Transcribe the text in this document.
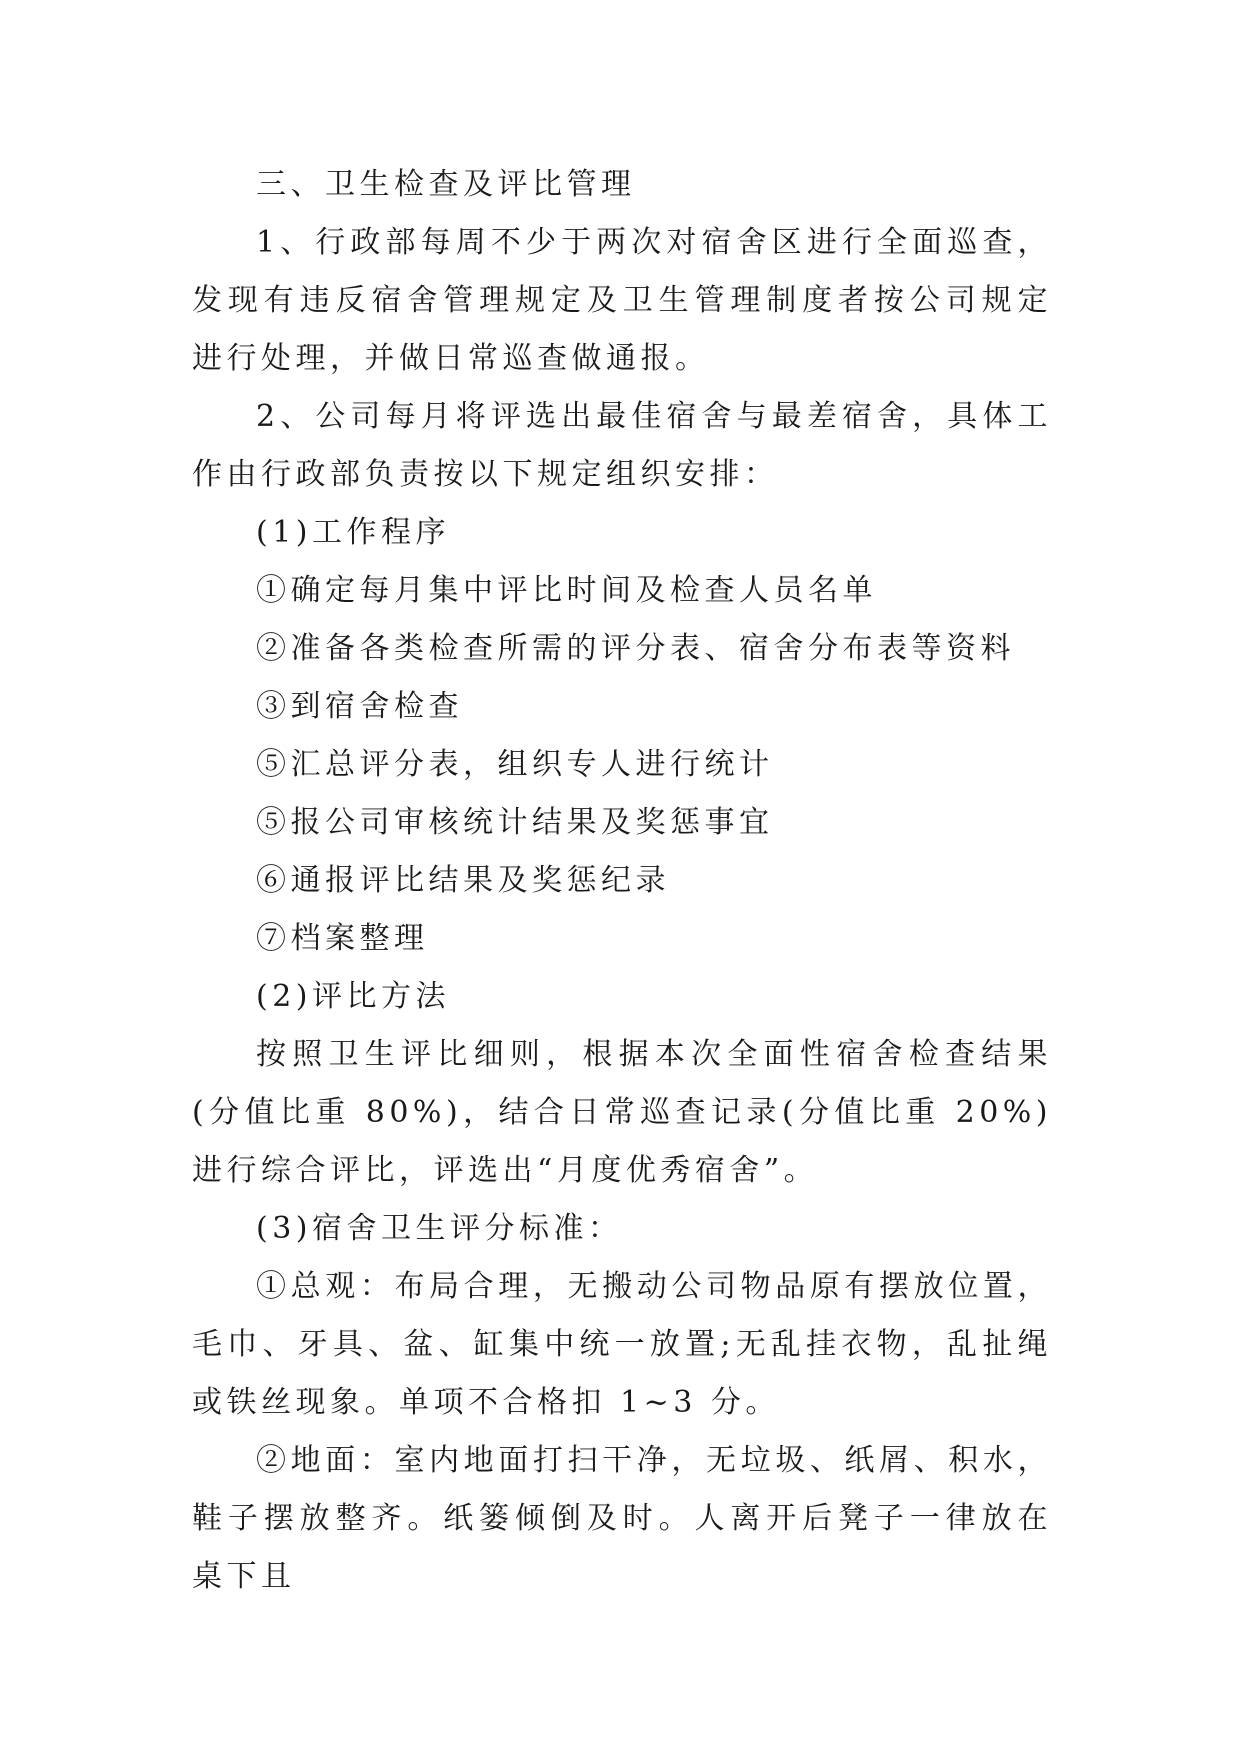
三、卫生检查及评比管理

1、行政部每周不少于两次对宿舍区进行全面巡查，发现有违反宿舍管理规定及卫生管理制度者按公司规定进行处理，并做日常巡查做通报。

2、公司每月将评选出最佳宿舍与最差宿舍，具体工作由行政部负责按以下规定组织安排：

(1)工作程序

①确定每月集中评比时间及检查人员名单

②准备各类检查所需的评分表、宿舍分布表等资料

③到宿舍检查

⑤汇总评分表，组织专人进行统计

⑤报公司审核统计结果及奖惩事宜

⑥通报评比结果及奖惩纪录

⑦档案整理

(2)评比方法

按照卫生评比细则，根据本次全面性宿舍检查结果(分值比重 80%)，结合日常巡查记录(分值比重 20%)进行综合评比，评选出“月度优秀宿舍”。

(3)宿舍卫生评分标准：

①总观：布局合理，无搬动公司物品原有摆放位置，毛巾、牙具、盆、缸集中统一放置;无乱挂衣物，乱扯绳或铁丝现象。单项不合格扣 1~3 分。

②地面：室内地面打扫干净，无垃圾、纸屑、积水，鞋子摆放整齐。纸篓倾倒及时。人离开后凳子一律放在桌下且
